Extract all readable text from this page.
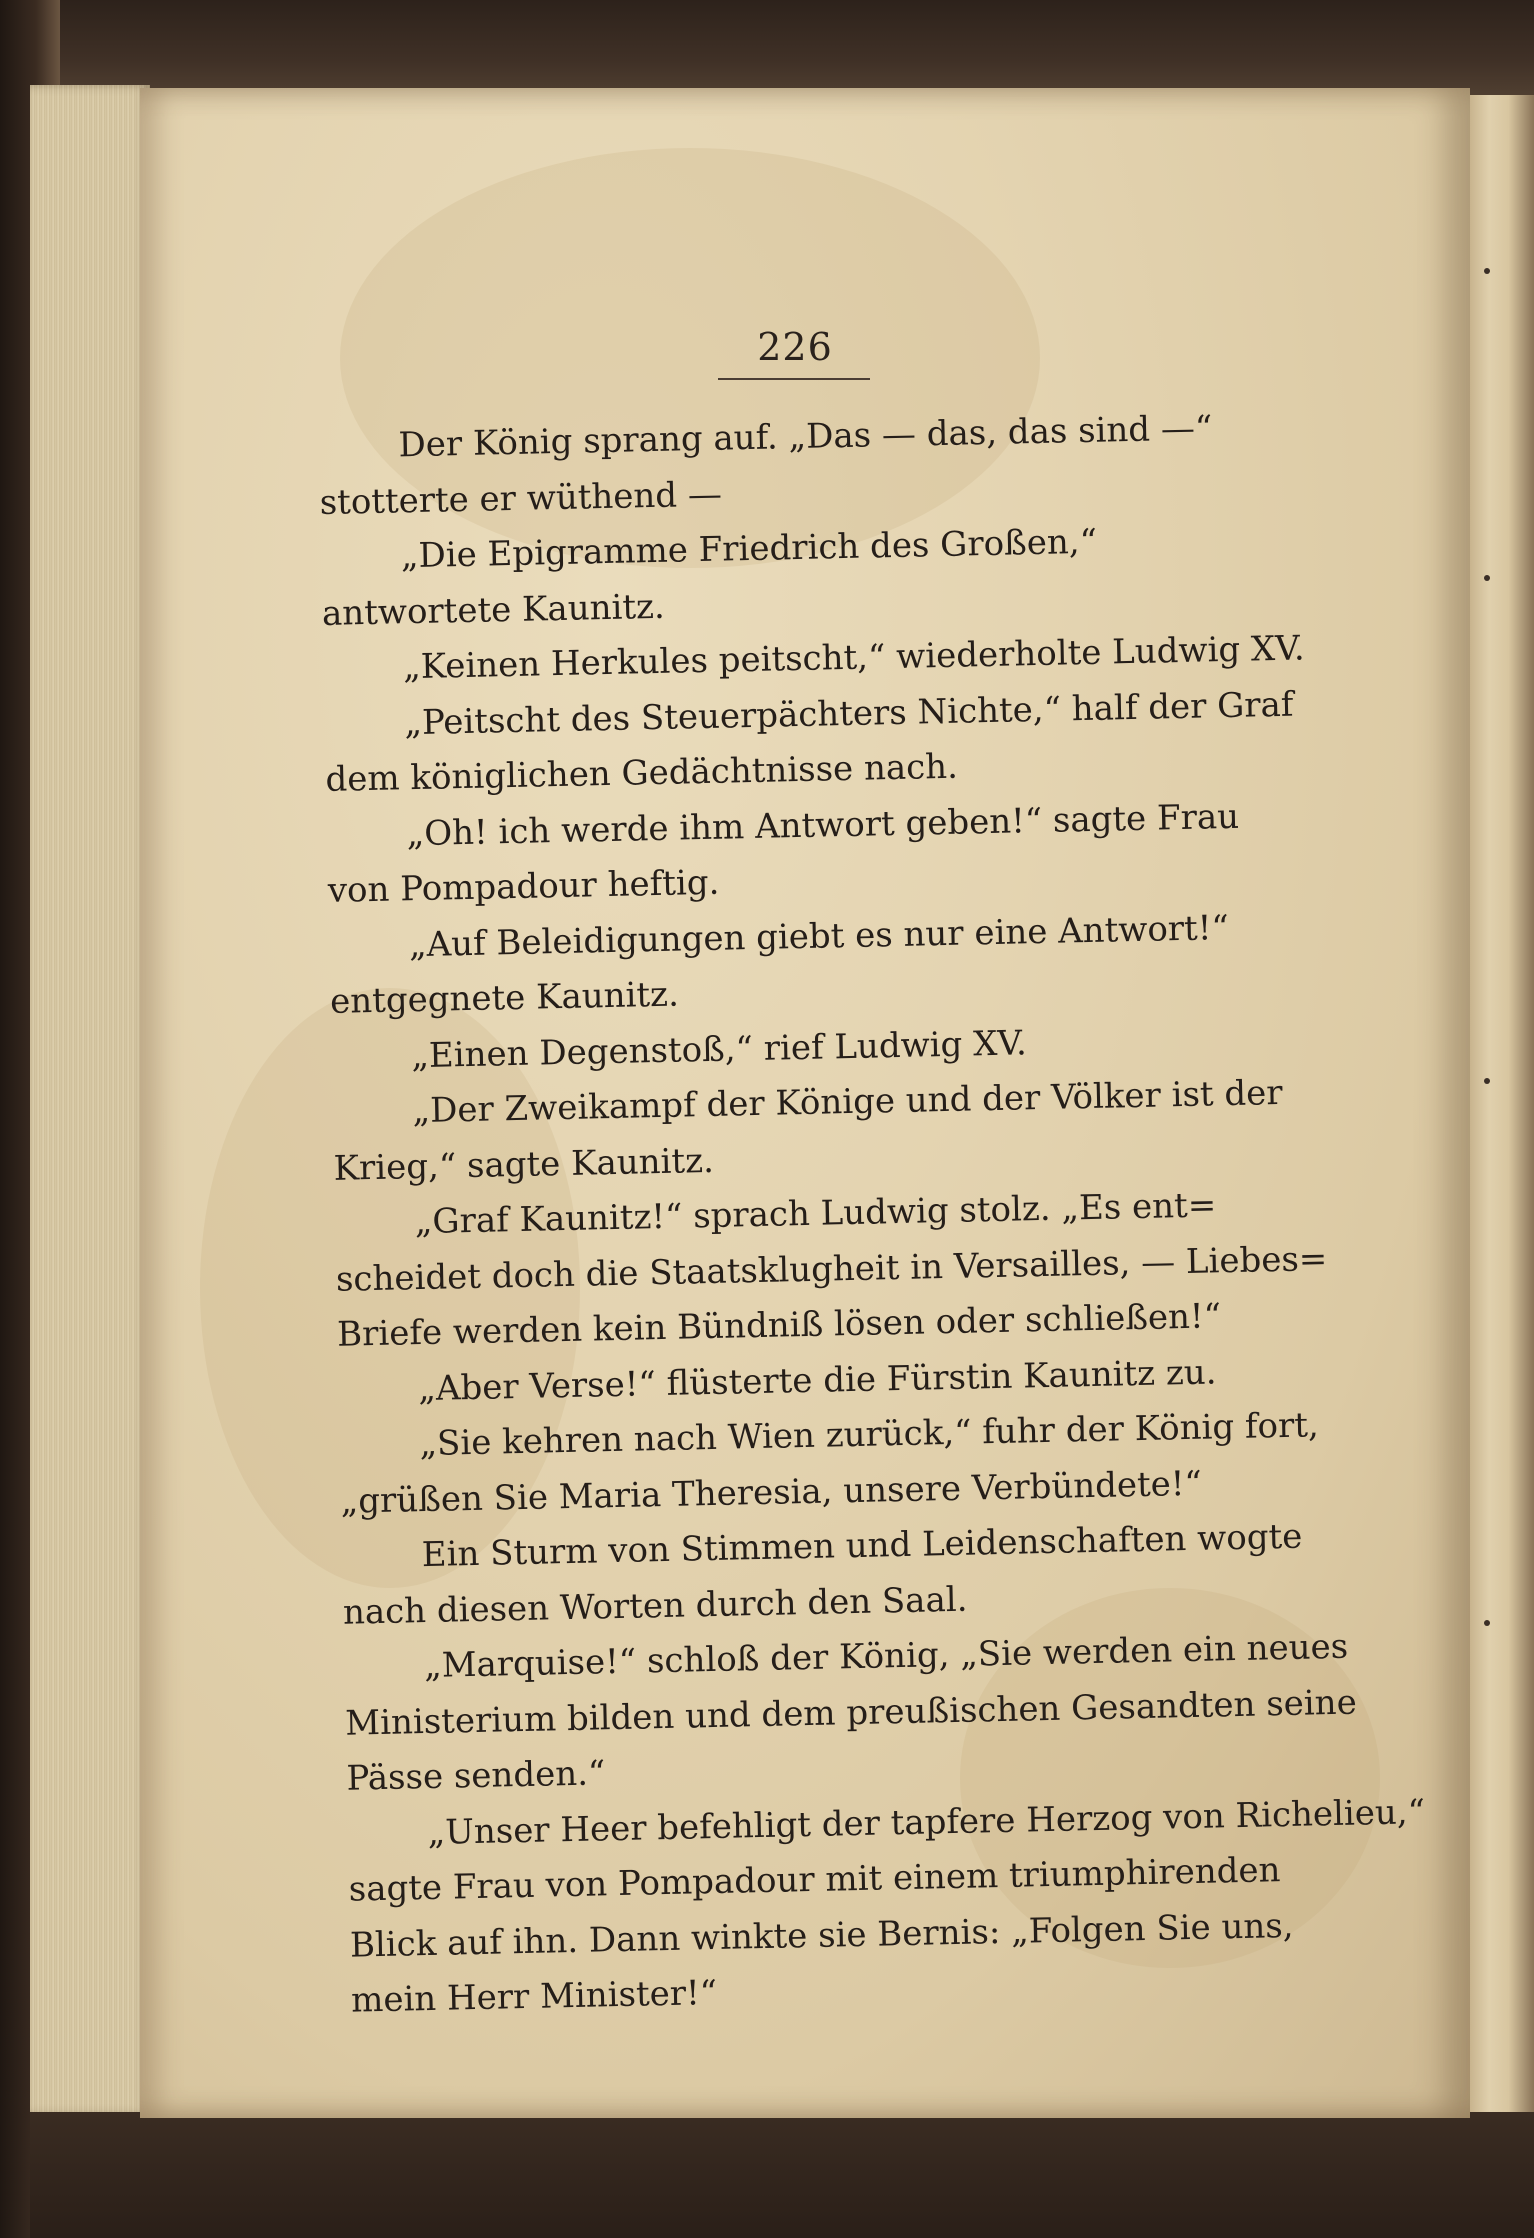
226
Der König sprang auf. „Das — das, das sind —“
stotterte er wüthend —
„Die Epigramme Friedrich des Großen,“
antwortete Kaunitz.
„Keinen Herkules peitscht,“ wiederholte Ludwig XV.
„Peitscht des Steuerpächters Nichte,“ half der Graf
dem königlichen Gedächtnisse nach.
„Oh! ich werde ihm Antwort geben!“ sagte Frau
von Pompadour heftig.
„Auf Beleidigungen giebt es nur eine Antwort!“
entgegnete Kaunitz.
„Einen Degenstoß,“ rief Ludwig XV.
„Der Zweikampf der Könige und der Völker ist der
Krieg,“ sagte Kaunitz.
„Graf Kaunitz!“ sprach Ludwig stolz. „Es ent=
scheidet doch die Staatsklugheit in Versailles, — Liebes=
Briefe werden kein Bündniß lösen oder schließen!“
„Aber Verse!“ flüsterte die Fürstin Kaunitz zu.
„Sie kehren nach Wien zurück,“ fuhr der König fort,
„grüßen Sie Maria Theresia, unsere Verbündete!“
Ein Sturm von Stimmen und Leidenschaften wogte
nach diesen Worten durch den Saal.
„Marquise!“ schloß der König, „Sie werden ein neues
Ministerium bilden und dem preußischen Gesandten seine
Pässe senden.“
„Unser Heer befehligt der tapfere Herzog von Richelieu,“
sagte Frau von Pompadour mit einem triumphirenden
Blick auf ihn. Dann winkte sie Bernis: „Folgen Sie uns,
mein Herr Minister!“
